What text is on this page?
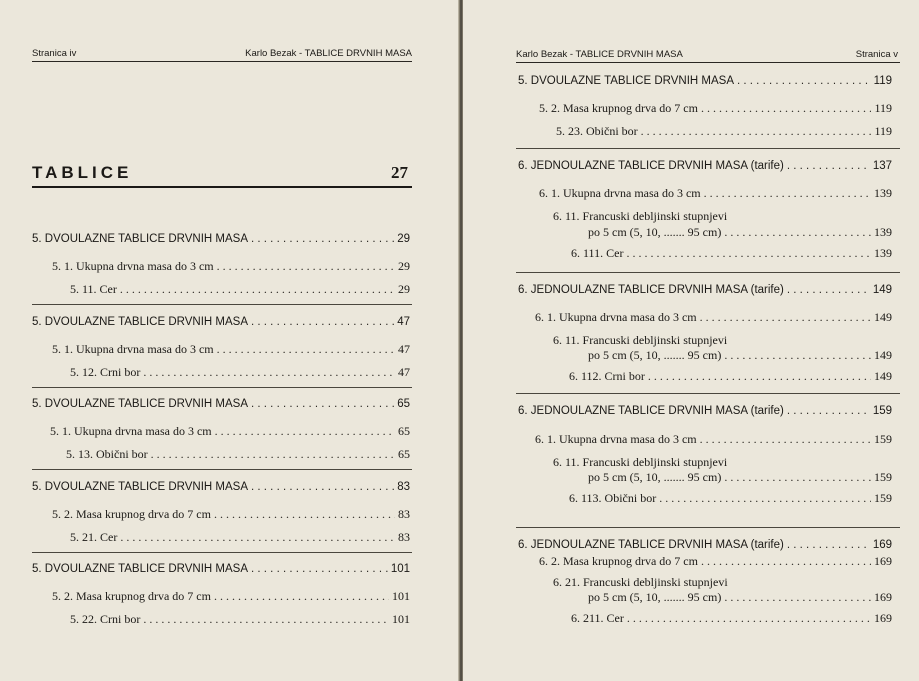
Stranica iv	Karlo Bezak - TABLICE DRVNIH MASA
TABLICE	27
5. DVOULAZNE TABLICE DRVNIH MASA . . .	29
5. 1. Ukupna drvna masa do 3 cm . . .	29
5. 11. Cer . . .	29
5. DVOULAZNE TABLICE DRVNIH MASA . . .	47
5. 1. Ukupna drvna masa do 3 cm . . .	47
5. 12. Crni bor . . .	47
5. DVOULAZNE TABLICE DRVNIH MASA . . .	65
5. 1. Ukupna drvna masa do 3 cm . . .	65
5. 13. Obični bor . . .	65
5. DVOULAZNE TABLICE DRVNIH MASA . . .	83
5. 2. Masa krupnog drva do 7 cm . . .	83
5. 21. Cer . . .	83
5. DVOULAZNE TABLICE DRVNIH MASA . . .	101
5. 2. Masa krupnog drva do 7 cm . . .	101
5. 22. Crni bor . . .	101
Karlo Bezak - TABLICE DRVNIH MASA	Stranica v
5. DVOULAZNE TABLICE DRVNIH MASA . . .	119
5. 2. Masa krupnog drva do 7 cm . . .	119
5. 23. Obični bor . . .	119
6. JEDNOULAZNE TABLICE DRVNIH MASA (tarife) . . .	137
6. 1. Ukupna drvna masa do 3 cm . . .	139
6. 11. Francuski debljinski stupnjevi
po 5 cm (5, 10, ....... 95 cm) . . .	139
6. 111. Cer . . .	139
6. JEDNOULAZNE TABLICE DRVNIH MASA (tarife) . . .	149
6. 1. Ukupna drvna masa do 3 cm . . .	149
6. 11. Francuski debljinski stupnjevi
po 5 cm (5, 10, ....... 95 cm) . . .	149
6. 112. Crni bor . . .	149
6. JEDNOULAZNE TABLICE DRVNIH MASA (tarife) . . .	159
6. 1. Ukupna drvna masa do 3 cm . . .	159
6. 11. Francuski debljinski stupnjevi
po 5 cm (5, 10, ....... 95 cm) . . .	159
6. 113. Obični bor . . .	159
6. JEDNOULAZNE TABLICE DRVNIH MASA (tarife) . . .	169
6. 2. Masa krupnog drva do 7 cm . . .	169
6. 21. Francuski debljinski stupnjevi
po 5 cm (5, 10, ....... 95 cm) . . .	169
6. 211. Cer . . .	169
